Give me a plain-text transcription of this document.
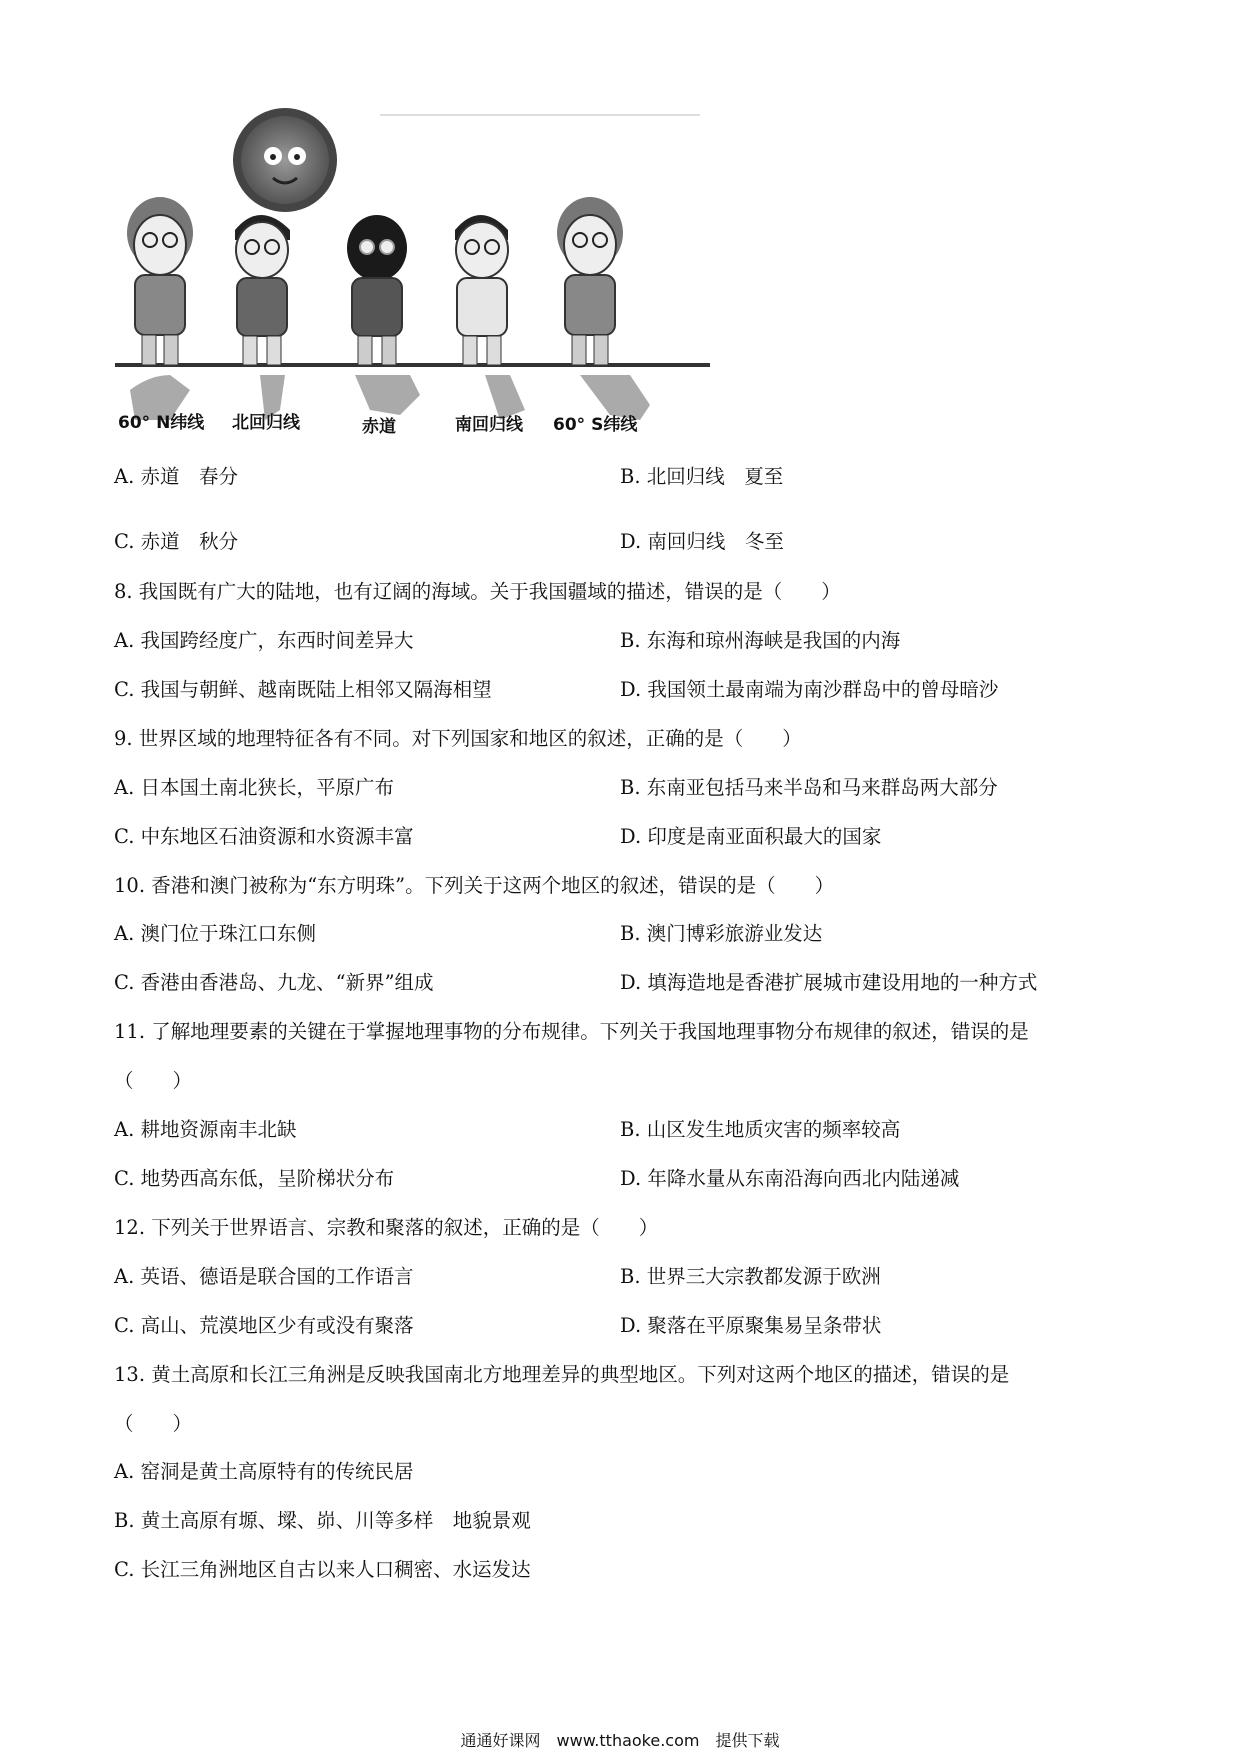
60° N纬线 北回归线	赤道	南回归线 60° S纬线
A. 赤道　春分	B. 北回归线　夏至
C. 赤道　秋分	D. 南回归线　冬至
8. 我国既有广大的陆地，也有辽阔的海域。关于我国疆域的描述，错误的是（　　）
A. 我国跨经度广，东西时间差异大	B. 东海和琼州海峡是我国的内海
C. 我国与朝鲜、越南既陆上相邻又隔海相望	D. 我国领土最南端为南沙群岛中的曾母暗沙
9. 世界区域的地理特征各有不同。对下列国家和地区的叙述，正确的是（　　）
A. 日本国土南北狭长，平原广布	B. 东南亚包括马来半岛和马来群岛两大部分
C. 中东地区石油资源和水资源丰富	D. 印度是南亚面积最大的国家
10. 香港和澳门被称为“东方明珠”。下列关于这两个地区的叙述，错误的是（　　）
A. 澳门位于珠江口东侧	B. 澳门博彩旅游业发达
C. 香港由香港岛、九龙、“新界”组成	D. 填海造地是香港扩展城市建设用地的一种方式
11. 了解地理要素的关键在于掌握地理事物的分布规律。下列关于我国地理事物分布规律的叙述，错误的是
（　　）
A. 耕地资源南丰北缺	B. 山区发生地质灾害的频率较高
C. 地势西高东低，呈阶梯状分布	D. 年降水量从东南沿海向西北内陆递减
12. 下列关于世界语言、宗教和聚落的叙述，正确的是（　　）
A. 英语、德语是联合国的工作语言	B. 世界三大宗教都发源于欧洲
C. 高山、荒漠地区少有或没有聚落	D. 聚落在平原聚集易呈条带状
13. 黄土高原和长江三角洲是反映我国南北方地理差异的典型地区。下列对这两个地区的描述，错误的是
（　　）
A. 窑洞是黄土高原特有的传统民居
B. 黄土高原有塬、墚、峁、川等多样　地貌景观
C. 长江三角洲地区自古以来人口稠密、水运发达
通通好课网　www.tthaoke.com　提供下载
